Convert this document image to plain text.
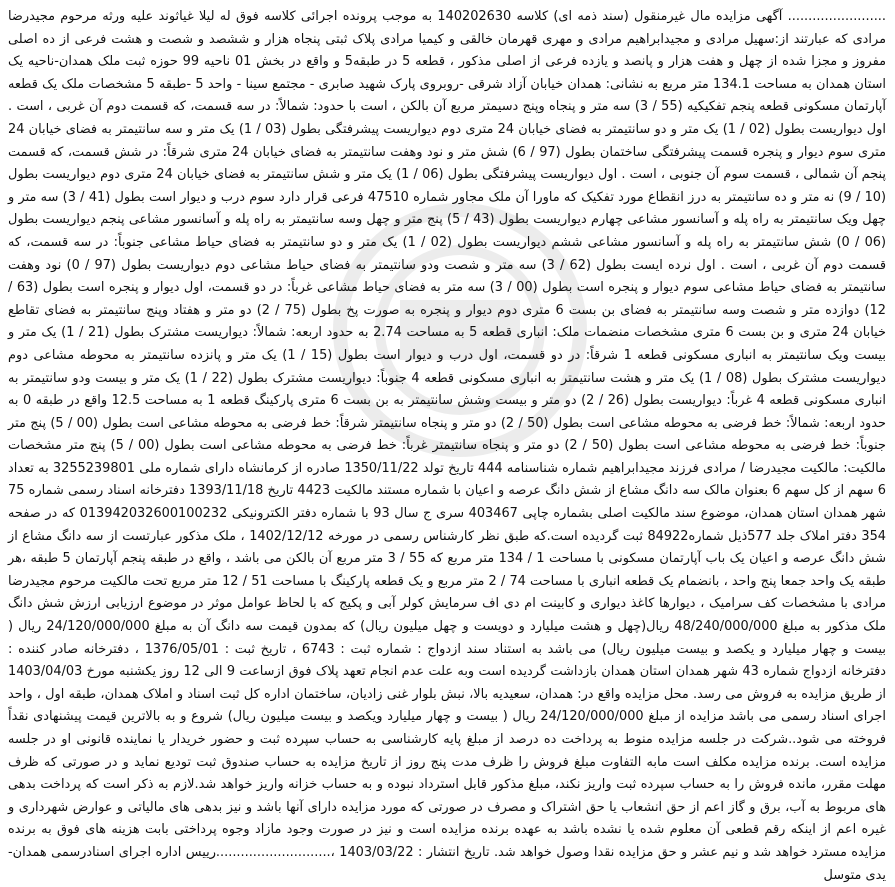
........................ آگهی مزایده مال غیرمنقول (سند ذمه ای) کلاسه 140202630 به موجب پرونده اجرائی کلاسه فوق له لیلا غیاثوند علیه ورثه مرحوم مجیدرضا مرادی که عبارتند از:سهیل مرادی و مجیدابراهیم مرادی و مهری قهرمان خالقی و کیمیا مرادی پلاک ثبتی پنجاه هزار و ششصد و شصت و هشت فرعی از ده اصلی مفروز و مجزا شده از چهل و هفت هزار و پانصد و یازده فرعی از اصلی مذکور ، قطعه 5 در طبقه5 و واقع در بخش 01 ناحیه 99 حوزه ثبت ملک همدان-ناحیه یک استان همدان به مساحت 134.1 متر مربع به نشانی: همدان خیابان آزاد شرقی -روبروی پارک شهید صابری - مجتمع سینا - واحد 5 -طبقه 5 مشخصات ملک یک قطعه آپارتمان مسکونی قطعه پنجم تفکیکیه (55 / 3) سه متر و پنجاه وپنج دسیمتر مربع آن بالکن ، است با حدود: شمالاً: در سه قسمت، که قسمت دوم آن غربی ، است . اول دیواریست بطول (02 / 1) یک متر و دو سانتیمتر به فضای خیابان 24 متری دوم دیواریست پیشرفتگی بطول (03 / 1) یک متر و سه سانتیمتر به فضای خیابان 24 متری سوم دیوار و پنجره قسمت پیشرفتگی ساختمان بطول (97 / 6) شش متر و نود وهفت سانتیمتر به فضای خیابان 24 متری شرقاً: در شش قسمت، که قسمت پنجم آن شمالی ، قسمت سوم آن جنوبی ، است . اول دیواریست پیشرفتگی بطول (06 / 1) یک متر و شش سانتیمتر به فضای خیابان 24 متری دوم دیواریست بطول (10 / 9) نه متر و ده سانتیمتر به درز انقطاع مورد تفکیک که ماورا آن ملک مجاور شماره 47510 فرعی قرار دارد سوم درب و دیوار است بطول (41 / 3) سه متر و چهل ویک سانتیمتر به راه پله و آسانسور مشاعی چهارم دیواریست بطول (43 / 5) پنج متر و چهل وسه سانتیمتر به راه پله و آسانسور مشاعی پنجم دیواریست بطول (06 / 0) شش سانتیمتر به راه پله و آسانسور مشاعی ششم دیواریست بطول (02 / 1) یک متر و دو سانتیمتر به فضای حیاط مشاعی جنوباً: در سه قسمت، که قسمت دوم آن غربی ، است . اول نرده ایست بطول (62 / 3) سه متر و شصت ودو سانتیمتر به فضای حیاط مشاعی دوم دیواریست بطول (97 / 0) نود وهفت سانتیمتر به فضای حیاط مشاعی سوم دیوار و پنجره است بطول (00 / 3) سه متر به فضای حیاط مشاعی غرباً: در دو قسمت، اول دیوار و پنجره است بطول (63 / 12) دوازده متر و شصت وسه سانتیمتر به فضای بن بست 6 متری دوم دیوار و پنجره به صورت پخ بطول (75 / 2) دو متر و هفتاد وپنج سانتیمتر به فضای تقاطع خیابان 24 متری و بن بست 6 متری مشخصات منضمات ملک: انباری قطعه 5 به مساحت 2.74 به حدود اربعه: شمالاً: دیواریست مشترک بطول (21 / 1) یک متر و بیست ویک سانتیمتر به انباری مسکونی قطعه 1 شرقاً: در دو قسمت، اول درب و دیوار است بطول (15 / 1) یک متر و پانزده سانتیمتر به محوطه مشاعی دوم دیواریست مشترک بطول (08 / 1) یک متر و هشت سانتیمتر به انباری مسکونی قطعه 4 جنوباً: دیواریست مشترک بطول (22 / 1) یک متر و بیست ودو سانتیمتر به انباری مسکونی قطعه 4 غرباً: دیواریست بطول (26 / 2) دو متر و بیست وشش سانتیمتر به بن بست 6 متری پارکینگ قطعه 1 به مساحت 12.5 واقع در طبقه 0 به حدود اربعه: شمالاً: خط فرضی به محوطه مشاعی است بطول (50 / 2) دو متر و پنجاه سانتیمتر شرقاً: خط فرضی به محوطه مشاعی است بطول (00 / 5) پنج متر جنوباً: خط فرضی به محوطه مشاعی است بطول (50 / 2) دو متر و پنجاه سانتیمتر غرباً: خط فرضی به محوطه مشاعی است بطول (00 / 5) پنج متر مشخصات مالکیت: مالکیت مجیدرضا / مرادی فرزند مجیدابراهیم شماره شناسنامه 444 تاریخ تولد 1350/11/22 صادره از کرمانشاه دارای شماره ملی 3255239801 به تعداد 6 سهم از کل سهم 6 بعنوان مالک سه دانگ مشاع از شش دانگ عرصه و اعیان با شماره مستند مالکیت 4423 تاریخ 1393/11/18 دفترخانه اسناد رسمی شماره 75 شهر همدان استان همدان، موضوع سند مالکیت اصلی بشماره چاپی 403467 سری ج سال 93 با شماره دفتر الکترونیکی 013942032600100232 که در صفحه 354 دفتر املاک جلد 577ذیل شماره84922 ثبت گردیده است.که طبق نظر کارشناس رسمی در مورخه 1402/12/12 ، ملک مذکور عبارتست از سه دانگ مشاع از شش دانگ عرصه و اعیان یک باب آپارتمان مسکونی با مساحت 1 / 134 متر مربع که 55 / 3 متر مربع آن بالکن می باشد ، واقع در طبقه پنجم آپارتمان 5 طبقه ،هر طبقه یک واحد جمعا پنج واحد ، بانضمام یک قطعه انباری با مساحت 74 / 2 متر مربع و یک قطعه پارکینگ با مساحت 51 / 12 متر مربع تحت مالکیت مرحوم مجیدرضا مرادی با مشخصات کف سرامیک ، دیوارها کاغذ دیواری و کابینت ام دی اف سرمایش کولر آبی و پکیج که با لحاظ عوامل موثر در موضوع ارزیابی ارزش شش دانگ ملک مذکور به مبلغ 48/240/000/000 ریال(چهل و هشت میلیارد و دویست و چهل میلیون ریال) که بمدون قیمت سه دانگ آن به مبلغ 24/120/000/000 ریال ( بیست و چهار میلیارد و یکصد و بیست میلیون ریال) می باشد به استناد سند ازدواج : شماره ثبت : 6743 ، تاریخ ثبت : 1376/05/01 ، دفترخانه صادر کننده : دفترخانه ازدواج شماره 43 شهر همدان استان همدان بازداشت گردیده است وبه علت عدم انجام تعهد پلاک فوق ازساعت 9 الی 12 روز یکشنبه مورخ 1403/04/03 از طریق مزایده به فروش می رسد. محل مزایده واقع در: همدان، سعیدیه بالا، نبش بلوار غنی زادیان، ساختمان اداره کل ثبت اسناد و املاک همدان، طبقه اول ، واحد اجرای اسناد رسمی می باشد مزایده از مبلغ 24/120/000/000 ریال ( بیست و چهار میلیارد ویکصد و بیست میلیون ریال) شروع و به بالاترین قیمت پیشنهادی نقداً فروخته می شود..شرکت در جلسه مزایده منوط به پرداخت ده درصد از مبلغ پایه کارشناسی به حساب سپرده ثبت و حضور خریدار یا نماینده قانونی او در جلسه مزایده است. برنده مزایده مکلف است مابه التفاوت مبلغ فروش را ظرف مدت پنج روز از تاریخ مزایده به حساب صندوق ثبت تودیع نماید و در صورتی که ظرف مهلت مقرر، مانده فروش را به حساب سپرده ثبت واریز نکند، مبلغ مذکور قابل استرداد نبوده و به حساب خزانه واریز خواهد شد.لازم به ذکر است که پرداخت بدهی های مربوط به آب، برق و گاز اعم از حق انشعاب یا حق اشتراک و مصرف در صورتی که مورد مزایده دارای آنها باشد و نیز بدهی های مالیاتی و عوارض شهرداری و غیره اعم از اینکه رقم قطعی آن معلوم شده یا نشده باشد به عهده برنده مزایده است و نیز در صورت وجود مازاد وجوه پرداختی بابت هزینه های فوق به برنده مزایده مسترد خواهد شد و نیم عشر و حق مزایده نقدا وصول خواهد شد. تاریخ انتشار : 1403/03/22 ،............................رییس اداره اجرای اسنادرسمی همدان-یدی متوسل
